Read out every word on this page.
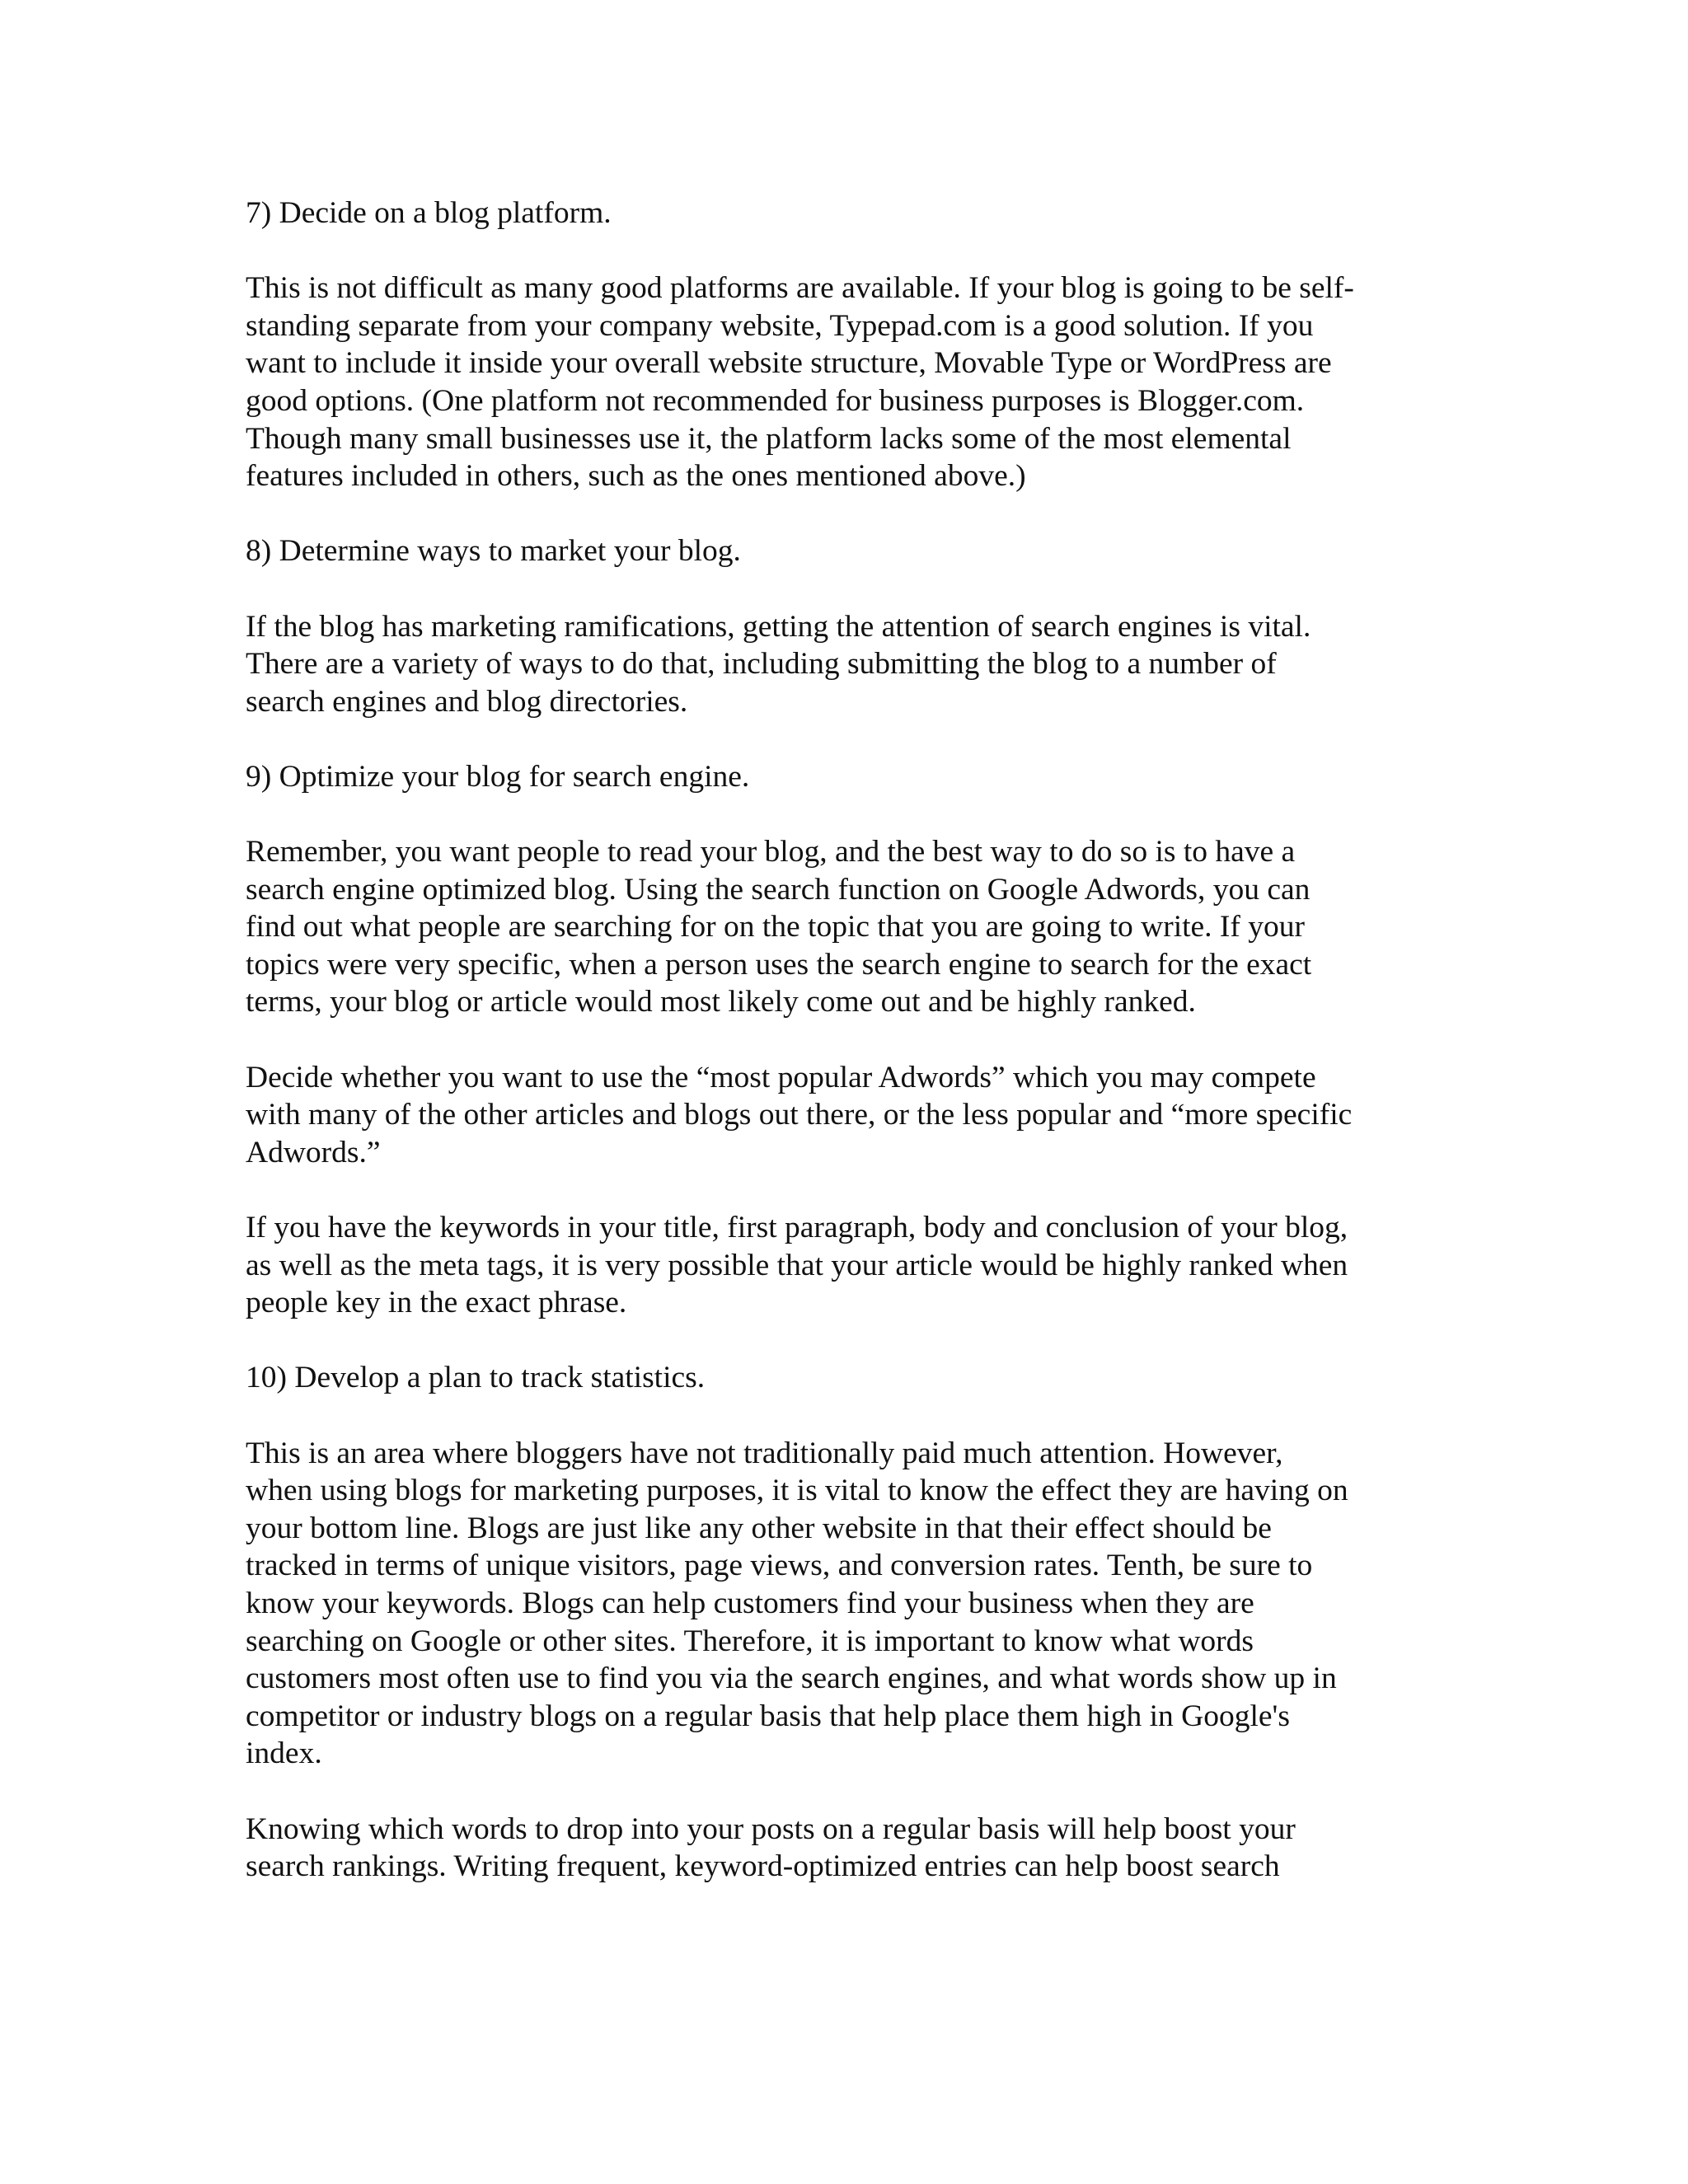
7) Decide on a blog platform.
This is not difficult as many good platforms are available. If your blog is going to be self-
standing separate from your company website, Typepad.com is a good solution. If you
want to include it inside your overall website structure, Movable Type or WordPress are
good options. (One platform not recommended for business purposes is Blogger.com.
Though many small businesses use it, the platform lacks some of the most elemental
features included in others, such as the ones mentioned above.)
8) Determine ways to market your blog.
If the blog has marketing ramifications, getting the attention of search engines is vital.
There are a variety of ways to do that, including submitting the blog to a number of
search engines and blog directories.
9) Optimize your blog for search engine.
Remember, you want people to read your blog, and the best way to do so is to have a
search engine optimized blog. Using the search function on Google Adwords, you can
find out what people are searching for on the topic that you are going to write. If your
topics were very specific, when a person uses the search engine to search for the exact
terms, your blog or article would most likely come out and be highly ranked.
Decide whether you want to use the “most popular Adwords” which you may compete
with many of the other articles and blogs out there, or the less popular and “more specific
Adwords.”
If you have the keywords in your title, first paragraph, body and conclusion of your blog,
as well as the meta tags, it is very possible that your article would be highly ranked when
people key in the exact phrase.
10) Develop a plan to track statistics.
This is an area where bloggers have not traditionally paid much attention. However,
when using blogs for marketing purposes, it is vital to know the effect they are having on
your bottom line. Blogs are just like any other website in that their effect should be
tracked in terms of unique visitors, page views, and conversion rates. Tenth, be sure to
know your keywords. Blogs can help customers find your business when they are
searching on Google or other sites. Therefore, it is important to know what words
customers most often use to find you via the search engines, and what words show up in
competitor or industry blogs on a regular basis that help place them high in Google's
index.
Knowing which words to drop into your posts on a regular basis will help boost your
search rankings. Writing frequent, keyword-optimized entries can help boost search
